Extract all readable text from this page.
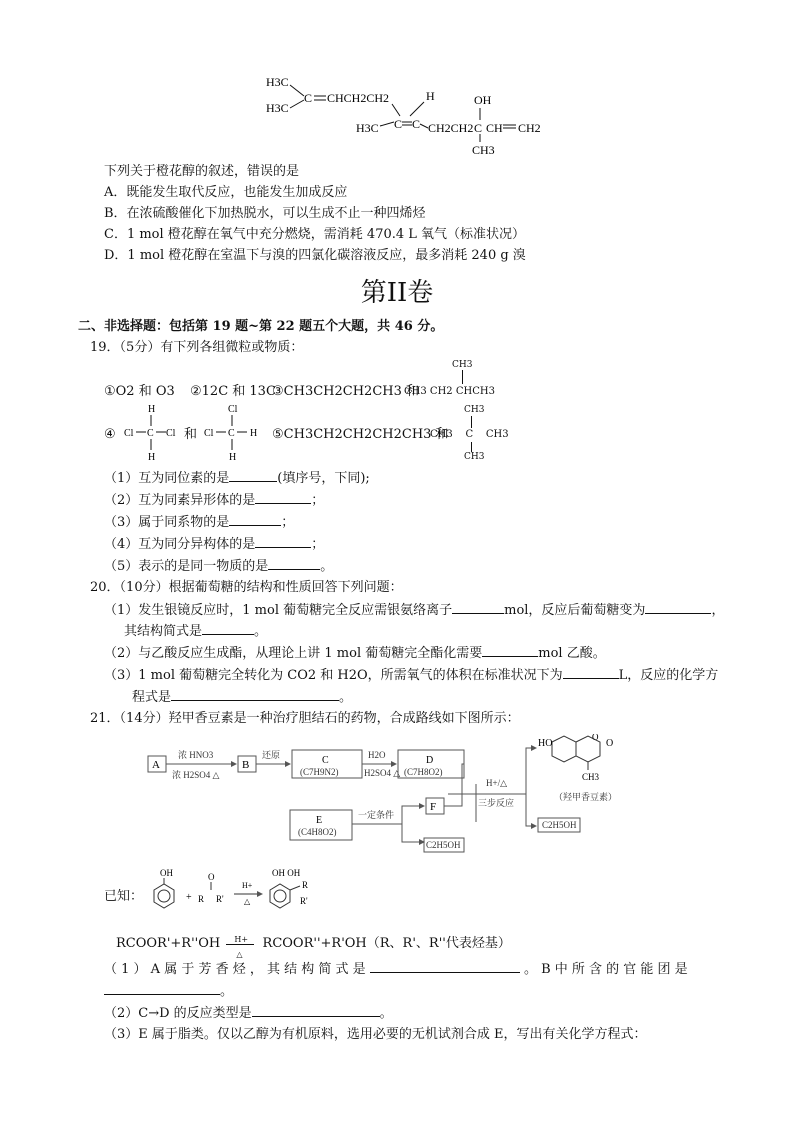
H3C
H3C
C CHCH2CH2	H
H3C C C CH2CH2 C
OH
CH3
CH CH2
下列关于橙花醇的叙述，错误的是
A．既能发生取代反应，也能发生加成反应
B．在浓硫酸催化下加热脱水，可以生成不止一种四烯烃
C．1 mol 橙花醇在氧气中充分燃烧，需消耗 470.4 L 氧气（标准状况）
D．1 mol 橙花醇在室温下与溴的四氯化碳溶液反应，最多消耗 240 g 溴
第II卷
二、非选择题：包括第 19 题~第 22 题五个大题，共 46 分。
19．（5分）有下列各组微粒或物质：
①O2 和 O3 ②12C 和 13C
③CH3CH2CH2CH3 和
CH3
CH3 CH2 CHCH3
④
H
Cl C Cl
H
Cl
Cl C H
H
和	⑤CH3CH2CH2CH2CH3 和
CH3
CH3    C    CH3
CH3
（1）互为同位素的是	(填序号，下同);
（2）互为同素异形体的是	；
（3）属于同系物的是	；
（4）互为同分异构体的是	；
（5）表示的是同一物质的是	。
20．（10分）根据葡萄糖的结构和性质回答下列问题：
（1）发生银镜反应时，1 mol 葡萄糖完全反应需银氨络离子	mol，反应后葡萄糖变为	，
其结构简式是	。
（2）与乙酸反应生成酯，从理论上讲 1 mol 葡萄糖完全酯化需要	mol 乙酸。
（3）1 mol 葡萄糖完全转化为 CO2 和 H2O，所需氧气的体积在标准状况下为	L，反应的化学方
程式是	。
21．（14分）羟甲香豆素是一种治疗胆结石的药物，合成路线如下图所示：
A
浓 HNO3
浓 H2SO4 △
B
还原	C
(C7H9N2)
H2O
H2SO4 △
D
(C7H8O2)
E
(C4H8O2)
一定条件
F
C2H5OH
H+/△
三步反应
HO
O
O
CH3
（羟甲香豆素）
C2H5OH
已知：
OH
+
O
R R'
H+
△
OH OH
R
R'
RCOOR'+R''OH H+
△
RCOOR''+R'OH（R、R'、R''代表烃基）
（ 1 ） A 属 于 芳 香 烃 ， 其 结 构 简 式 是	。 B 中 所 含 的 官 能 团 是
。
（2）C→D 的反应类型是	。
（3）E 属于脂类。仅以乙醇为有机原料，选用必要的无机试剂合成 E，写出有关化学方程式：
